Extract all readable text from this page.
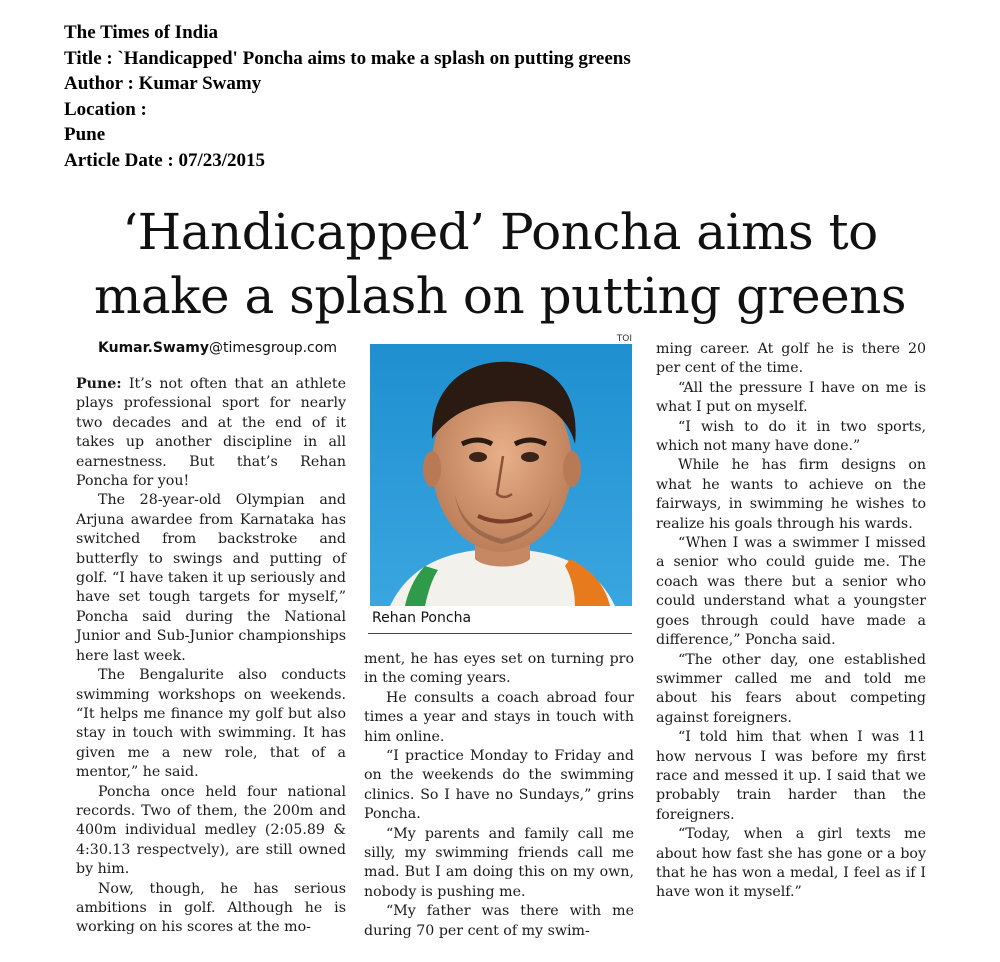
The Times of India
Title : `Handicapped' Poncha aims to make a splash on putting greens
Author : Kumar Swamy
Location :
Pune
Article Date : 07/23/2015
‘Handicapped’ Poncha aims to
make a splash on putting greens
Kumar.Swamy@timesgroup.com

Pune: It’s not often that an athlete plays professional sport for nearly two decades and at the end of it takes up another discipline in all earnestness. But that’s Rehan Poncha for you!

The 28-year-old Olympian and Arjuna awardee from Karnataka has switched from backstroke and butterfly to swings and putting of golf. “I have taken it up seriously and have set tough targets for myself,” Poncha said during the National Junior and Sub-Junior championships here last week.

The Bengalurite also conducts swimming workshops on weekends. “It helps me finance my golf but also stay in touch with swimming. It has given me a new role, that of a mentor,” he said.

Poncha once held four national records. Two of them, the 200m and 400m individual medley (2:05.89 & 4:30.13 respectvely), are still owned by him.

Now, though, he has serious ambitions in golf. Although he is working on his scores at the mo-

TOI
Rehan Poncha

ment, he has eyes set on turning pro in the coming years.

He consults a coach abroad four times a year and stays in touch with him online.

“I practice Monday to Friday and on the weekends do the swimming clinics. So I have no Sundays,” grins Poncha.

“My parents and family call me silly, my swimming friends call me mad. But I am doing this on my own, nobody is pushing me.

“My father was there with me during 70 per cent of my swim-

ming career. At golf he is there 20 per cent of the time.

“All the pressure I have on me is what I put on myself.

“I wish to do it in two sports, which not many have done.”

While he has firm designs on what he wants to achieve on the fairways, in swimming he wishes to realize his goals through his wards.

“When I was a swimmer I missed a senior who could guide me. The coach was there but a senior who could understand what a youngster goes through could have made a difference,” Poncha said.

“The other day, one established swimmer called me and told me about his fears about competing against foreigners.

“I told him that when I was 11 how nervous I was before my first race and messed it up. I said that we probably train harder than the foreigners.

“Today, when a girl texts me about how fast she has gone or a boy that he has won a medal, I feel as if I have won it myself.”
